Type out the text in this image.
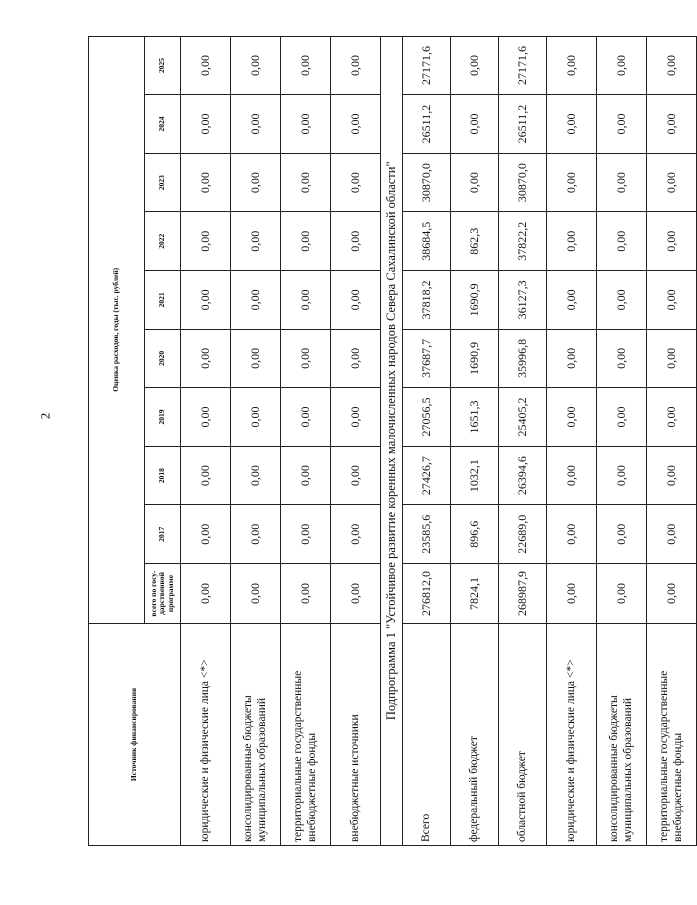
2
Источник финансирования	Оценка расходов, годы (тыс. рублей)									
	всего по госу-дарственной программе	2017	2018	2019	2020	2021	2022	2023	2024	2025
юридические и физические лица <*>	0,00	0,00	0,00	0,00	0,00	0,00	0,00	0,00	0,00	0,00
консолидированные бюджеты муниципальных образований	0,00	0,00	0,00	0,00	0,00	0,00	0,00	0,00	0,00	0,00
территориальные государственные внебюджетные фонды	0,00	0,00	0,00	0,00	0,00	0,00	0,00	0,00	0,00	0,00
внебюджетные источники	0,00	0,00	0,00	0,00	0,00	0,00	0,00	0,00	0,00	0,00
Подпрограмма 1 "Устойчивое развитие коренных малочисленных народов Севера Сахалинской области"										
Всего	276812,0	23585,6	27426,7	27056,5	37687,7	37818,2	38684,5	30870,0	26511,2	27171,6
федеральный бюджет	7824,1	896,6	1032,1	1651,3	1690,9	1690,9	862,3	0,00	0,00	0,00
областной бюджет	268987,9	22689,0	26394,6	25405,2	35996,8	36127,3	37822,2	30870,0	26511,2	27171,6
юридические и физические лица <*>	0,00	0,00	0,00	0,00	0,00	0,00	0,00	0,00	0,00	0,00
консолидированные бюджеты муниципальных образований	0,00	0,00	0,00	0,00	0,00	0,00	0,00	0,00	0,00	0,00
территориальные государственные внебюджетные фонды	0,00	0,00	0,00	0,00	0,00	0,00	0,00	0,00	0,00	0,00
